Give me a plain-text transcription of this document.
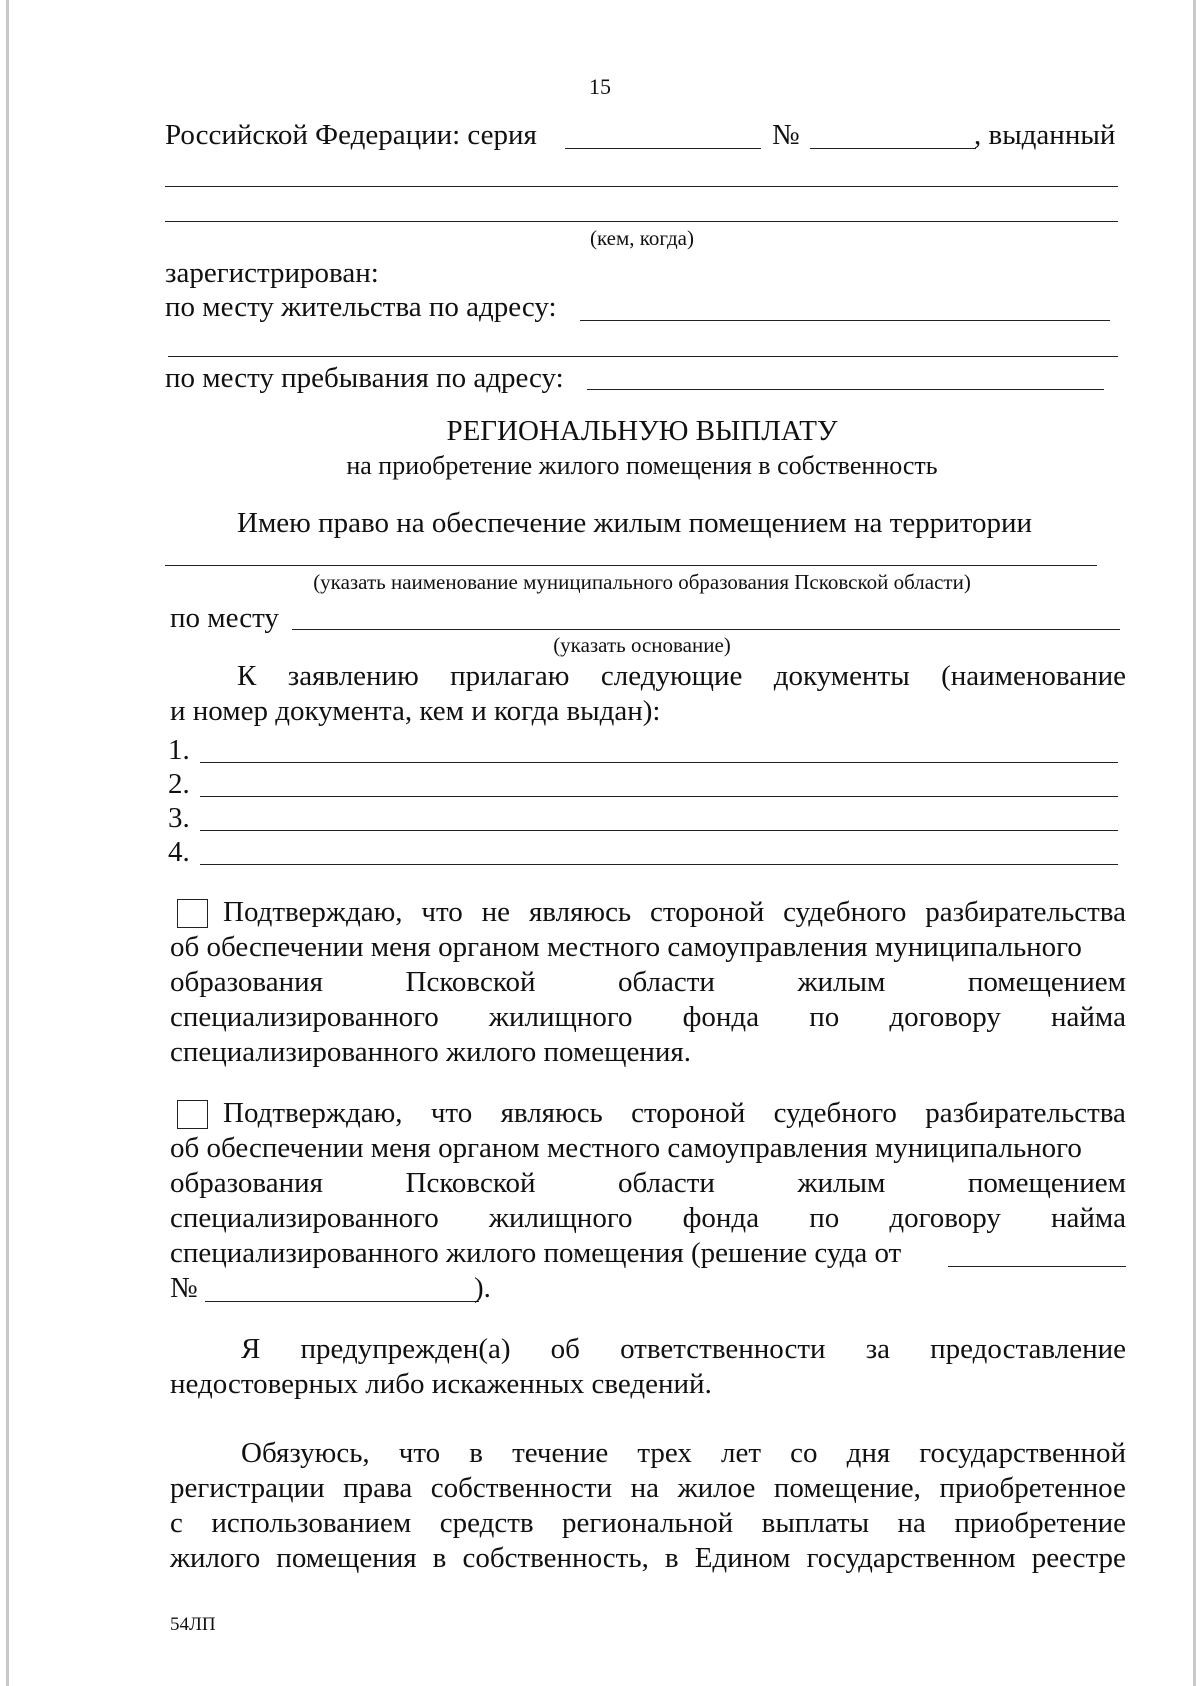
15
Российской Федерации: серия	№	, выданный
(кем, когда)
зарегистрирован:
по месту жительства по адресу:
по месту пребывания по адресу:
РЕГИОНАЛЬНУЮ ВЫПЛАТУ
на приобретение жилого помещения в собственность
Имею право на обеспечение жилым помещением на территории
(указать наименование муниципального образования Псковской области)
по месту
(указать основание)
К заявлению прилагаю следующие документы (наименование
и номер документа, кем и когда выдан):
1.
2.
3.
4.
Подтверждаю, что не являюсь стороной судебного разбирательства
об обеспечении меня органом местного самоуправления муниципального
образования	Псковской	области	жилым	помещением
специализированного жилищного фонда по договору найма
специализированного жилого помещения.
Подтверждаю, что являюсь стороной судебного разбирательства
об обеспечении меня органом местного самоуправления муниципального
образования	Псковской	области	жилым	помещением
специализированного жилищного фонда по договору найма
специализированного жилого помещения (решение суда от
№	).
Я предупрежден(а) об ответственности за предоставление
недостоверных либо искаженных сведений.
Обязуюсь, что в течение трех лет со дня государственной
регистрации права собственности на жилое помещение, приобретенное
с использованием средств региональной выплаты на приобретение
жилого помещения в собственность, в Едином государственном реестре
54ЛП
